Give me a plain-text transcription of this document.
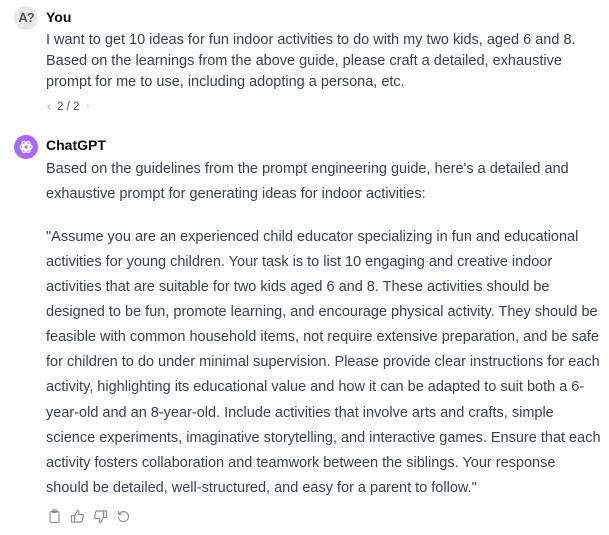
A? You
I want to get 10 ideas for fun indoor activities to do with my two kids, aged 6 and 8.
Based on the learnings from the above guide, please craft a detailed, exhaustive
prompt for me to use, including adopting a persona, etc.
‹ 2 / 2 ›
ChatGPT
Based on the guidelines from the prompt engineering guide, here's a detailed and
exhaustive prompt for generating ideas for indoor activities:
"Assume you are an experienced child educator specializing in fun and educational
activities for young children. Your task is to list 10 engaging and creative indoor
activities that are suitable for two kids aged 6 and 8. These activities should be
designed to be fun, promote learning, and encourage physical activity. They should be
feasible with common household items, not require extensive preparation, and be safe
for children to do under minimal supervision. Please provide clear instructions for each
activity, highlighting its educational value and how it can be adapted to suit both a 6-
year-old and an 8-year-old. Include activities that involve arts and crafts, simple
science experiments, imaginative storytelling, and interactive games. Ensure that each
activity fosters collaboration and teamwork between the siblings. Your response
should be detailed, well-structured, and easy for a parent to follow."
